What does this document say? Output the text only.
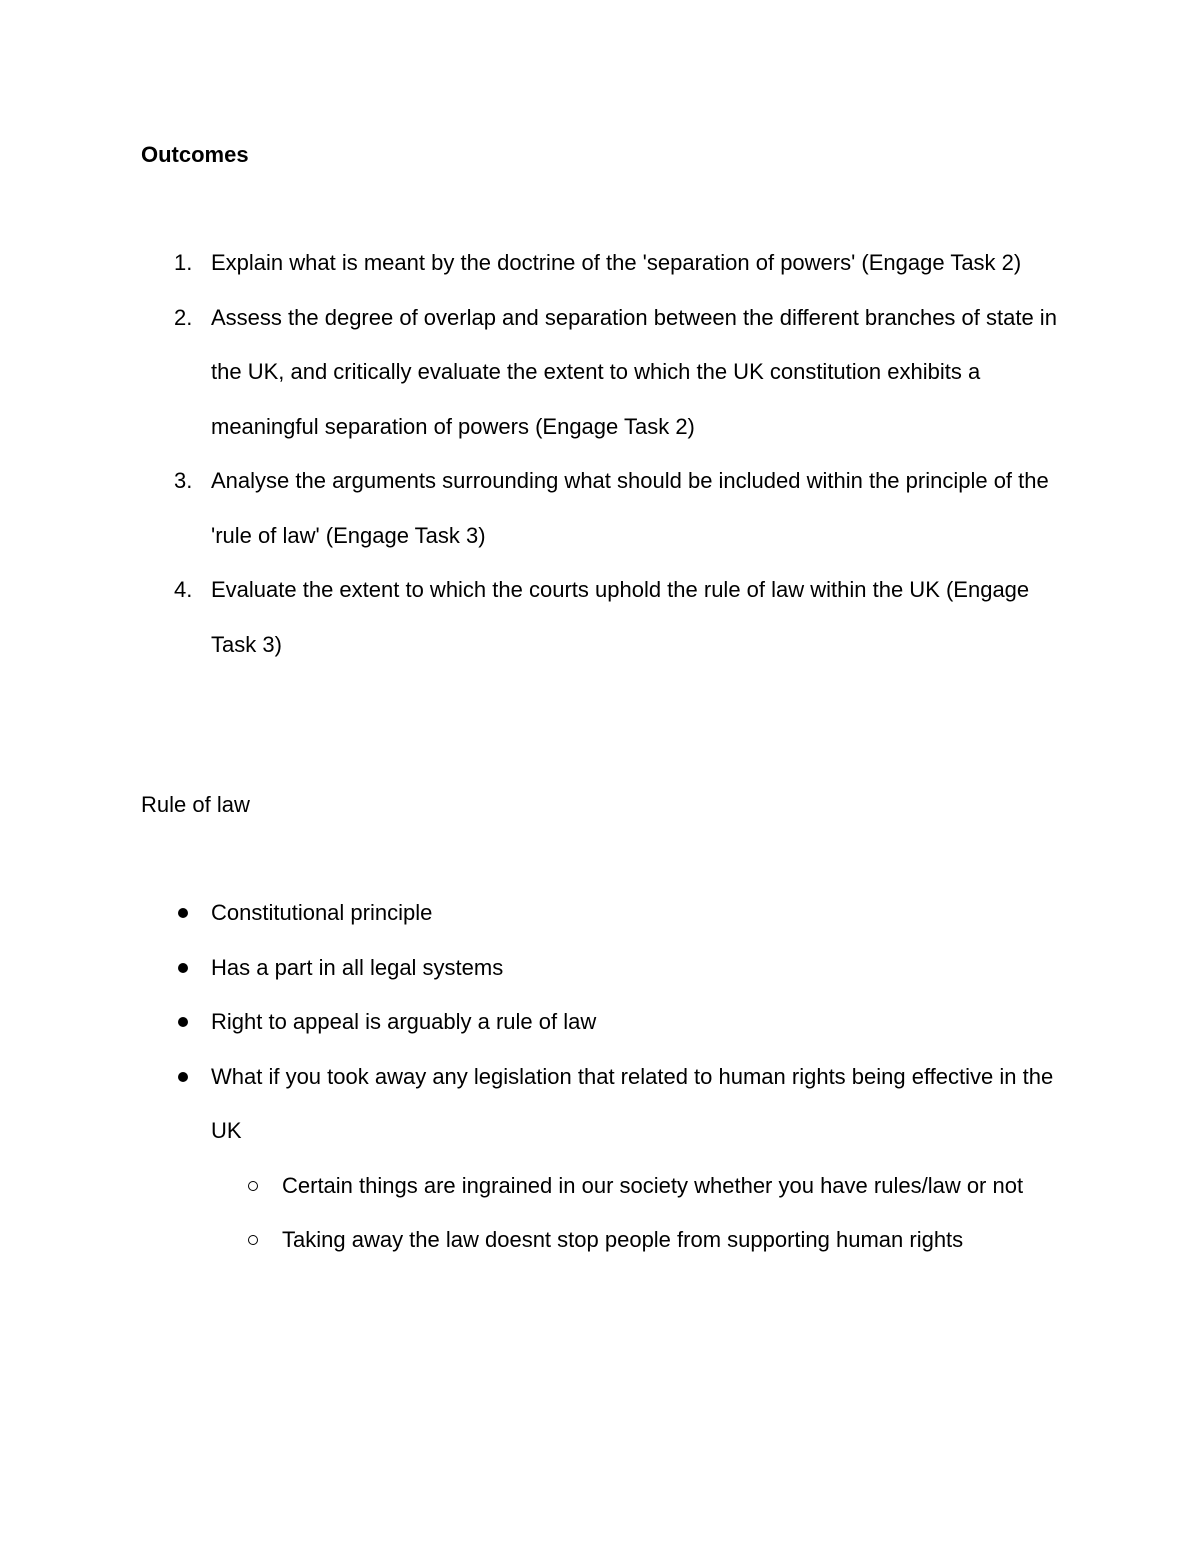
Outcomes
1. Explain what is meant by the doctrine of the 'separation of powers' (Engage Task 2)
2. Assess the degree of overlap and separation between the different branches of state in the UK, and critically evaluate the extent to which the UK constitution exhibits a meaningful separation of powers (Engage Task 2)
3. Analyse the arguments surrounding what should be included within the principle of the 'rule of law' (Engage Task 3)
4. Evaluate the extent to which the courts uphold the rule of law within the UK (Engage Task 3)
Rule of law
Constitutional principle
Has a part in all legal systems
Right to appeal is arguably a rule of law
What if you took away any legislation that related to human rights being effective in the UK
Certain things are ingrained in our society whether you have rules/law or not
Taking away the law doesnt stop people from supporting human rights
